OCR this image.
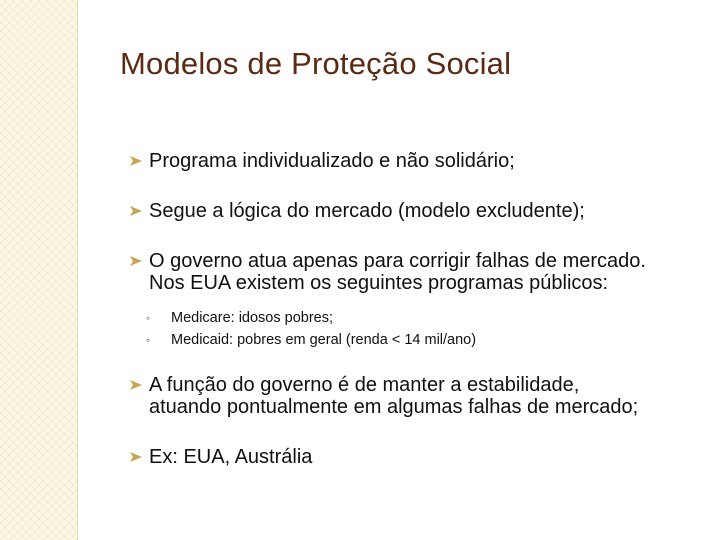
Modelos de Proteção Social
Programa individualizado e não solidário;
Segue a lógica do mercado (modelo excludente);
O governo atua apenas para corrigir falhas de mercado.
Nos EUA existem os seguintes programas públicos:
◦ Medicare: idosos pobres;
◦ Medicaid: pobres em geral (renda < 14 mil/ano)
A função do governo é de manter a estabilidade,
atuando pontualmente em algumas falhas de mercado;
Ex: EUA, Austrália
